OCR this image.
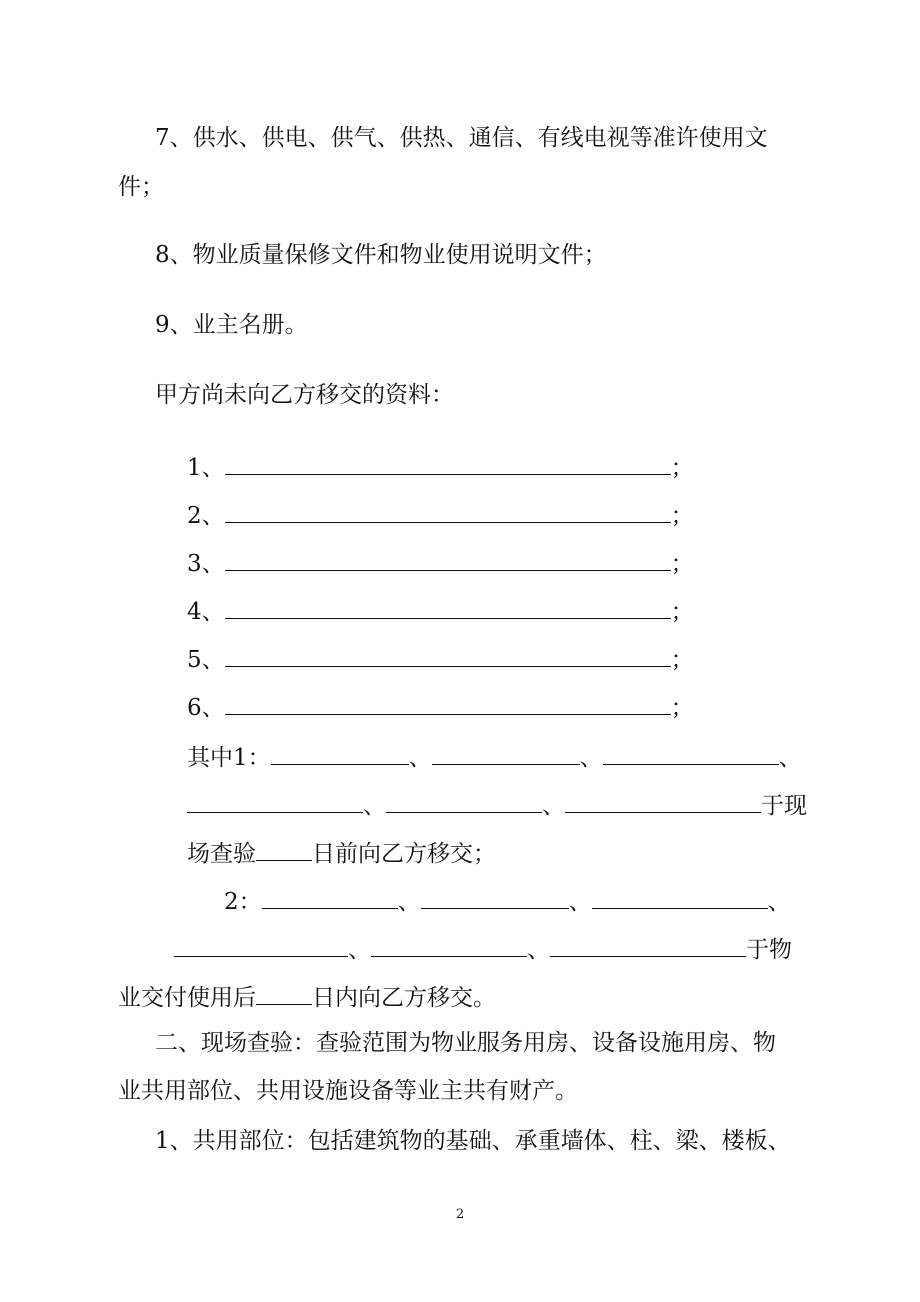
7、供水、供电、供气、供热、通信、有线电视等准许使用文
件；
8、物业质量保修文件和物业使用说明文件；
9、业主名册。
甲方尚未向乙方移交的资料：
1、	；
2、	；
3、	；
4、	；
5、	；
6、	；
其中1：	、	、	、
、	、	于现
场查验 日前向乙方移交；
2：	、	、	、
、	、	于物
业交付使用后 日内向乙方移交。
二、现场查验：查验范围为物业服务用房、设备设施用房、物
业共用部位、共用设施设备等业主共有财产。
1、共用部位：包括建筑物的基础、承重墙体、柱、梁、楼板、
2
